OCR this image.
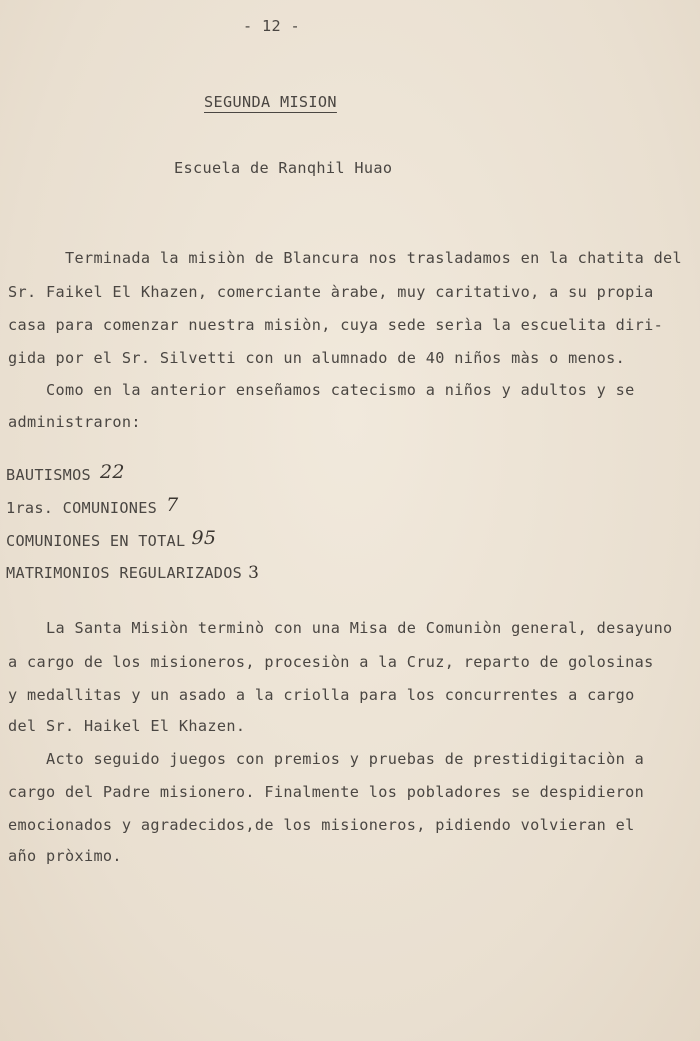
- 12 -
SEGUNDA MISION
Escuela de Ranqhil Huao
Terminada la misiòn de Blancura nos trasladamos en la chatita del
Sr. Faikel El Khazen, comerciante àrabe, muy caritativo, a su propia
casa para comenzar nuestra misiòn, cuya sede serìa la escuelita diri-
gida por el Sr. Silvetti con un alumnado de 40 niños màs o menos.
Como en la anterior enseñamos catecismo a niños y adultos y se
administraron:
BAUTISMOS 22
1ras. COMUNIONES 7
COMUNIONES EN TOTAL 95
MATRIMONIOS REGULARIZADOS 3
La Santa Misiòn terminò con una Misa de Comuniòn general, desayuno
a cargo de los misioneros, procesiòn a la Cruz, reparto de golosinas
y medallitas y un asado a la criolla para los concurrentes a cargo
del Sr. Haikel El Khazen.
Acto seguido juegos con premios y pruebas de prestidigitaciòn a
cargo del Padre misionero. Finalmente los pobladores se despidieron
emocionados y agradecidos,de los misioneros, pidiendo volvieran el
año pròximo.
